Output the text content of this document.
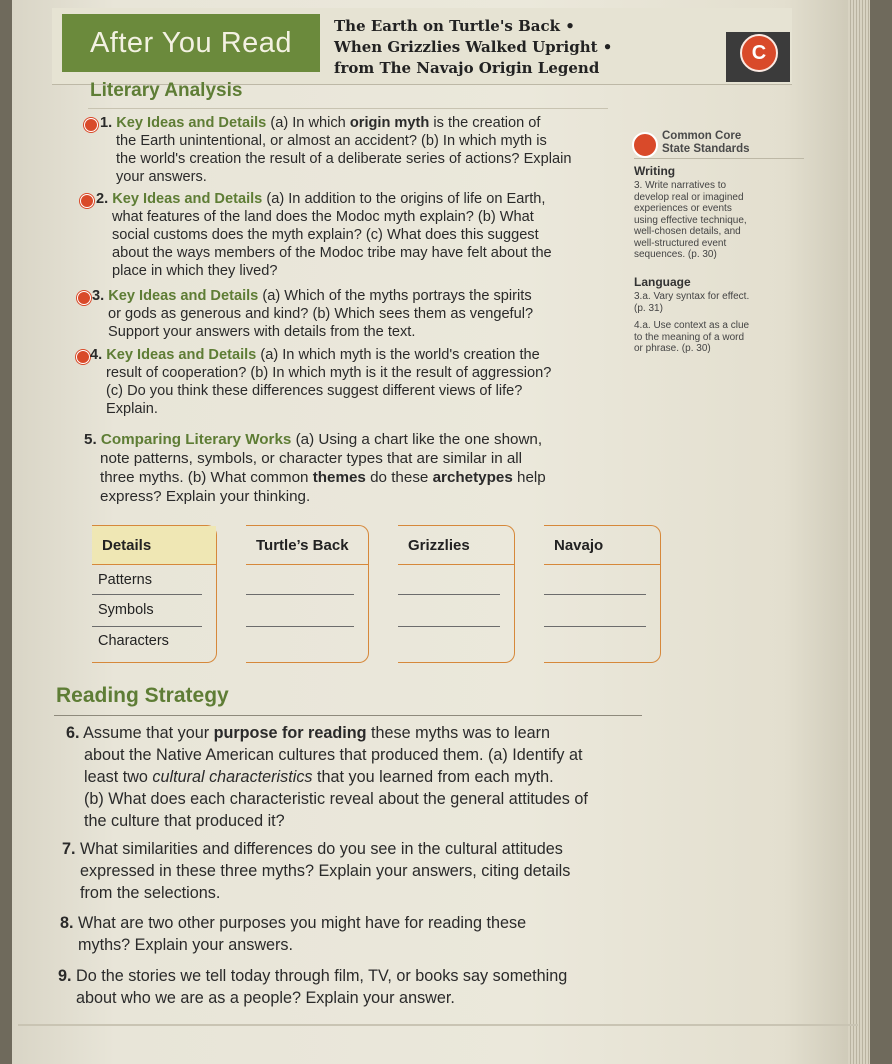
After You Read
The Earth on Turtle's Back •
When Grizzlies Walked Upright •
from The Navajo Origin Legend
C
Literary Analysis
1. Key Ideas and Details (a) In which origin myth is the creation of
the Earth unintentional, or almost an accident? (b) In which myth is
the world's creation the result of a deliberate series of actions? Explain
your answers.
2. Key Ideas and Details (a) In addition to the origins of life on Earth,
what features of the land does the Modoc myth explain? (b) What
social customs does the myth explain? (c) What does this suggest
about the ways members of the Modoc tribe may have felt about the
place in which they lived?
3. Key Ideas and Details (a) Which of the myths portrays the spirits
or gods as generous and kind? (b) Which sees them as vengeful?
Support your answers with details from the text.
4. Key Ideas and Details (a) In which myth is the world's creation the
result of cooperation? (b) In which myth is it the result of aggression?
(c) Do you think these differences suggest different views of life?
Explain.
5. Comparing Literary Works (a) Using a chart like the one shown,
note patterns, symbols, or character types that are similar in all
three myths. (b) What common themes do these archetypes help
express? Explain your thinking.
Common Core
State Standards
Writing
3. Write narratives to
develop real or imagined
experiences or events
using effective technique,
well-chosen details, and
well-structured event
sequences. (p. 30)
Language
3.a. Vary syntax for effect.
(p. 31)
4.a. Use context as a clue
to the meaning of a word
or phrase. (p. 30)
Details
Patterns
Symbols
Characters
Turtle’s Back	Grizzlies	Navajo
Reading Strategy
6. Assume that your purpose for reading these myths was to learn
about the Native American cultures that produced them. (a) Identify at
least two cultural characteristics that you learned from each myth.
(b) What does each characteristic reveal about the general attitudes of
the culture that produced it?
7. What similarities and differences do you see in the cultural attitudes
expressed in these three myths? Explain your answers, citing details
from the selections.
8. What are two other purposes you might have for reading these
myths? Explain your answers.
9. Do the stories we tell today through film, TV, or books say something
about who we are as a people? Explain your answer.
